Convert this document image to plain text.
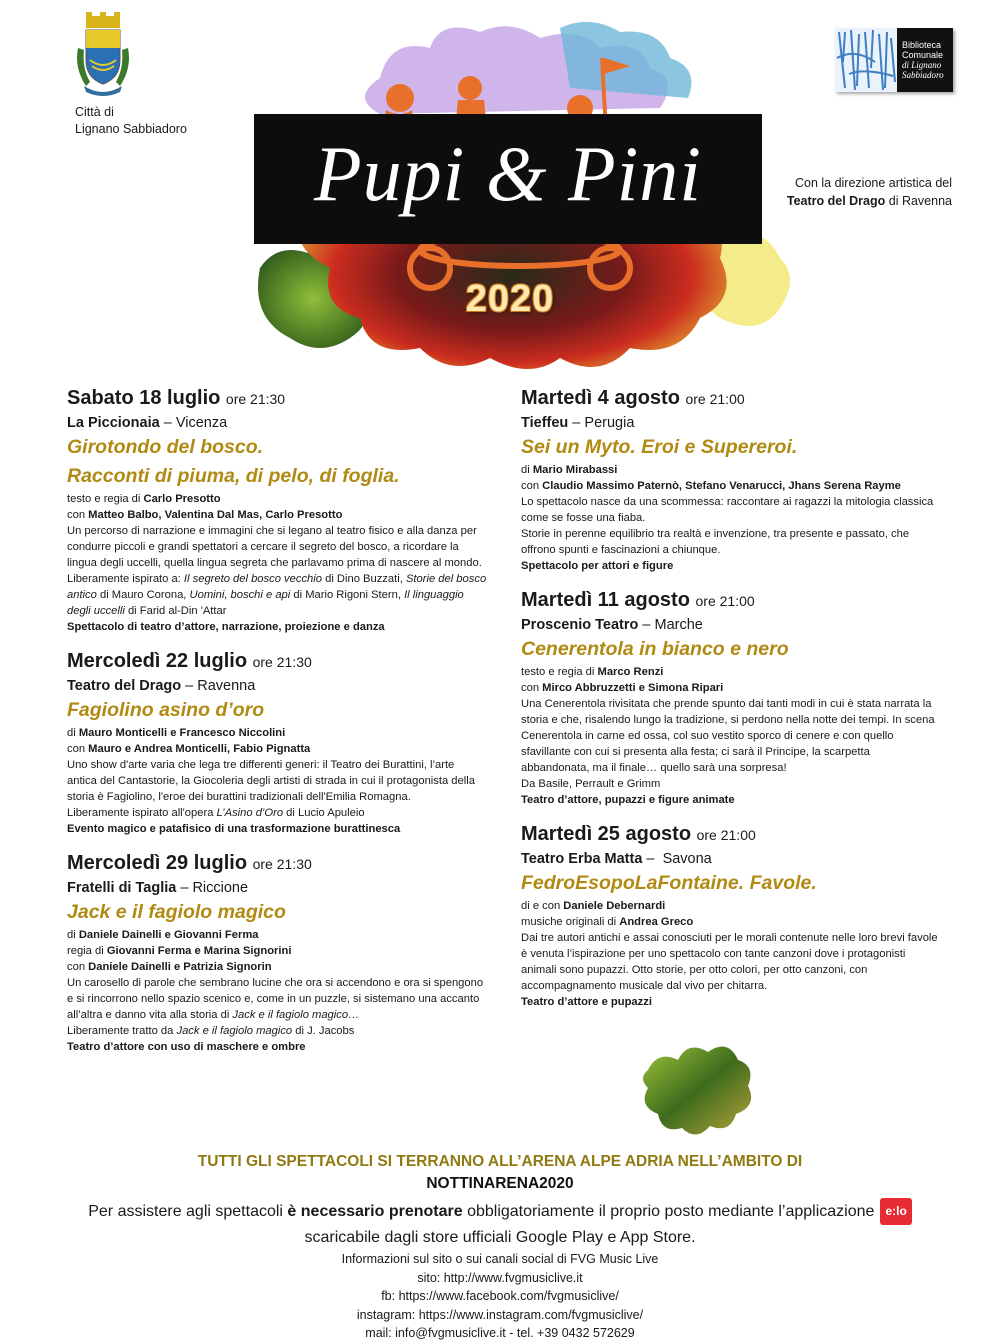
Città di
Lignano Sabbiadoro
Pupi & Pini
2020
Biblioteca
Comunale
di Lignano
Sabbiadoro
Con la direzione artistica del
Teatro del Drago di Ravenna
Sabato 18 luglio ore 21:30
La Piccionaia – Vicenza
Girotondo del bosco.
Racconti di piuma, di pelo, di foglia.
testo e regia di Carlo Presotto
con Matteo Balbo, Valentina Dal Mas, Carlo Presotto
Un percorso di narrazione e immagini che si legano al teatro fisico e alla danza per condurre piccoli e grandi spettatori a cercare il segreto del bosco, a ricordare la lingua degli uccelli, quella lingua segreta che parlavamo prima di nascere al mondo.
Liberamente ispirato a: Il segreto del bosco vecchio di Dino Buzzati, Storie del bosco antico di Mauro Corona, Uomini, boschi e api di Mario Rigoni Stern, Il linguaggio degli uccelli di Farid al-Din 'Attar
Spettacolo di teatro d’attore, narrazione, proiezione e danza
Mercoledì 22 luglio ore 21:30
Teatro del Drago – Ravenna
Fagiolino asino d’oro
di Mauro Monticelli e Francesco Niccolini
con Mauro e Andrea Monticelli, Fabio Pignatta
Uno show d'arte varia che lega tre differenti generi: il Teatro dei Burattini, l’arte antica del Cantastorie, la Giocoleria degli artisti di strada in cui il protagonista della storia è Fagiolino, l'eroe dei burattini tradizionali dell'Emilia Romagna.
Liberamente ispirato all'opera L’Asino d’Oro di Lucio Apuleio
Evento magico e patafisico di una trasformazione burattinesca
Mercoledì 29 luglio ore 21:30
Fratelli di Taglia – Riccione
Jack e il fagiolo magico
di Daniele Dainelli e Giovanni Ferma
regia di Giovanni Ferma e Marina Signorini
con Daniele Dainelli e Patrizia Signorin
Un carosello di parole che sembrano lucine che ora si accendono e ora si spengono e si rincorrono nello spazio scenico e, come in un puzzle, si sistemano una accanto all’altra e danno vita alla storia di Jack e il fagiolo magico…
Liberamente tratto da Jack e il fagiolo magico di J. Jacobs
Teatro d’attore con uso di maschere e ombre
Martedì 4 agosto ore 21:00
Tieffeu – Perugia
Sei un Myto. Eroi e Supereroi.
di Mario Mirabassi
con Claudio Massimo Paternò, Stefano Venarucci, Jhans Serena Rayme
Lo spettacolo nasce da una scommessa: raccontare ai ragazzi la mitologia classica come se fosse una fiaba.
Storie in perenne equilibrio tra realtà e invenzione, tra presente e passato, che offrono spunti e fascinazioni a chiunque.
Spettacolo per attori e figure
Martedì 11 agosto ore 21:00
Proscenio Teatro – Marche
Cenerentola in bianco e nero
testo e regia di Marco Renzi
con Mirco Abbruzzetti e Simona Ripari
Una Cenerentola rivisitata che prende spunto dai tanti modi in cui è stata narrata la storia e che, risalendo lungo la tradizione, si perdono nella notte dei tempi. In scena Cenerentola in carne ed ossa, col suo vestito sporco di cenere e con quello sfavillante con cui si presenta alla festa; ci sarà il Principe, la scarpetta abbandonata, ma il finale… quello sarà una sorpresa!
Da Basile, Perrault e Grimm
Teatro d’attore, pupazzi e figure animate
Martedì 25 agosto ore 21:00
Teatro Erba Matta –  Savona
FedroEsopoLaFontaine. Favole.
di e con Daniele Debernardi
musiche originali di Andrea Greco
Dai tre autori antichi e assai conosciuti per le morali contenute nelle loro brevi favole è venuta l’ispirazione per uno spettacolo con tante canzoni dove i protagonisti animali sono pupazzi. Otto storie, per otto colori, per otto canzoni, con accompagnamento musicale dal vivo per chitarra.
Teatro d’attore e pupazzi
TUTTI GLI SPETTACOLI SI TERRANNO ALL’ARENA ALPE ADRIA NELL’AMBITO DI
NOTTINARENA2020
Per assistere agli spettacoli è necessario prenotare obbligatoriamente il proprio posto mediante l’applicazione e:lo
scaricabile dagli store ufficiali Google Play e App Store.
Informazioni sul sito o sui canali social di FVG Music Live
sito: http://www.fvgmusiclive.it
fb: https://www.facebook.com/fvgmusiclive/
instagram: https://www.instagram.com/fvgmusiclive/
mail: info@fvgmusiclive.it - tel. +39 0432 572629
